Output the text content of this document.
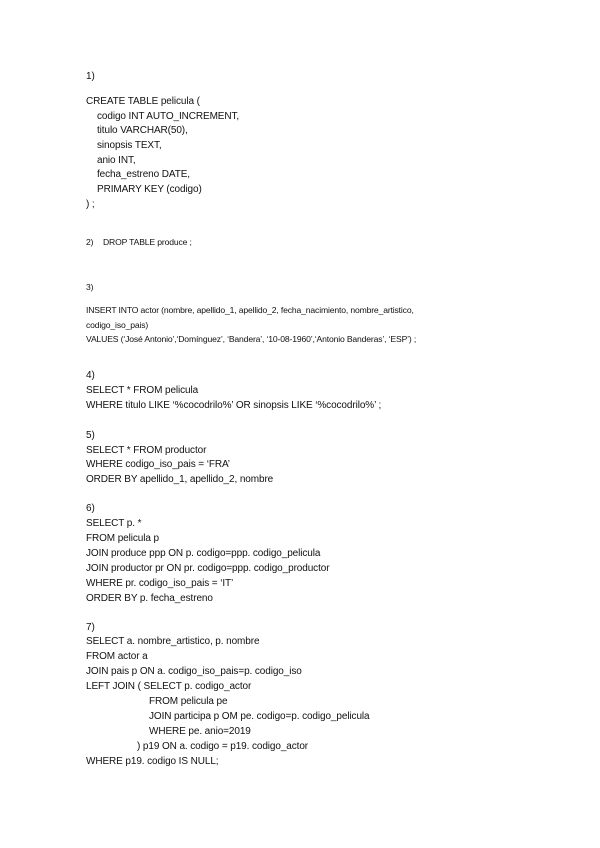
1)
CREATE TABLE pelicula (
codigo INT AUTO_INCREMENT,
titulo VARCHAR(50),
sinopsis TEXT,
anio INT,
fecha_estreno DATE,
PRIMARY KEY (codigo)
) ;
2) DROP TABLE produce ;
3)
INSERT INTO actor (nombre, apellido_1, apellido_2, fecha_nacimiento, nombre_artistico,
codigo_iso_pais)
VALUES (‘José Antonio’,‘Domínguez’, ‘Bandera’, ‘10-08-1960’,‘Antonio Banderas’, ‘ESP’) ;
4)
SELECT * FROM pelicula
WHERE titulo LIKE ‘%cocodrilo%’ OR sinopsis LIKE ‘%cocodrilo%’ ;
5)
SELECT * FROM productor
WHERE codigo_iso_pais = ‘FRA’
ORDER BY apellido_1, apellido_2, nombre
6)
SELECT p. *
FROM pelicula p
JOIN produce ppp ON p. codigo=ppp. codigo_pelicula
JOIN productor pr ON pr. codigo=ppp. codigo_productor
WHERE pr. codigo_iso_pais = ‘IT’
ORDER BY p. fecha_estreno
7)
SELECT a. nombre_artistico, p. nombre
FROM actor a
JOIN pais p ON a. codigo_iso_pais=p. codigo_iso
LEFT JOIN ( SELECT p. codigo_actor
FROM pelicula pe
JOIN participa p OM pe. codigo=p. codigo_pelicula
WHERE pe. anio=2019
) p19 ON a. codigo = p19. codigo_actor
WHERE p19. codigo IS NULL;
